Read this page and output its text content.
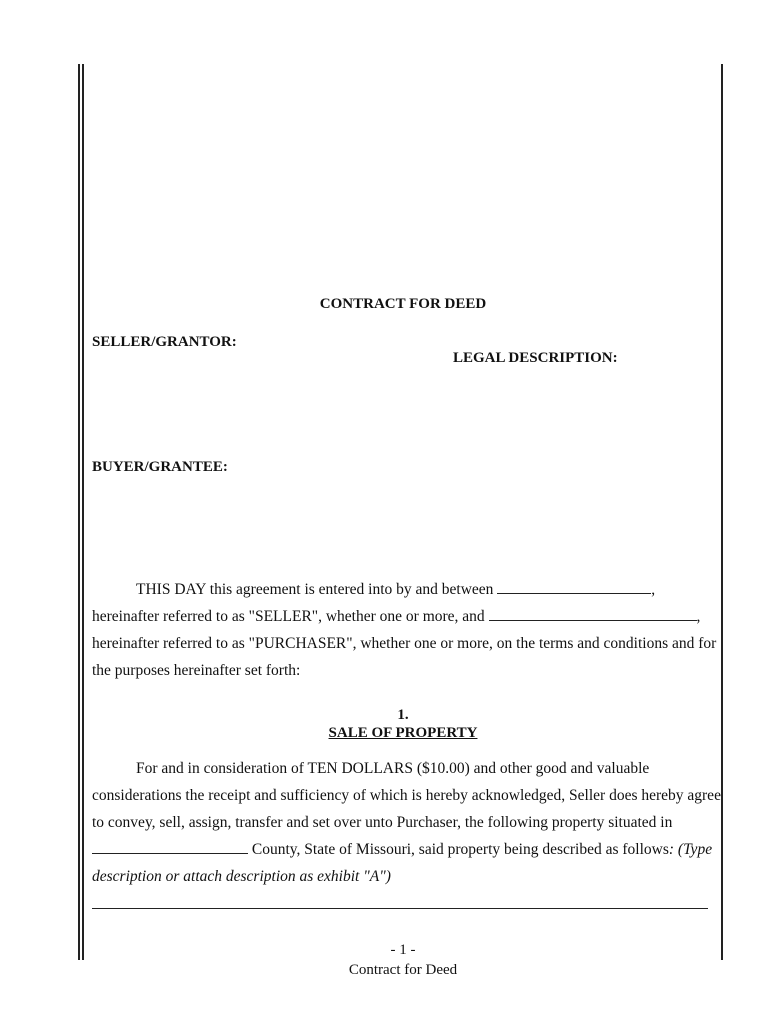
CONTRACT FOR DEED
SELLER/GRANTOR:
LEGAL DESCRIPTION:
BUYER/GRANTEE:
THIS DAY this agreement is entered into by and between	,
hereinafter referred to as "SELLER", whether one or more, and	,
hereinafter referred to as "PURCHASER", whether one or more, on the terms and conditions and for
the purposes hereinafter set forth:
1.
SALE OF PROPERTY
For and in consideration of TEN DOLLARS ($10.00) and other good and valuable
considerations the receipt and sufficiency of which is hereby acknowledged, Seller does hereby agree
to convey, sell, assign, transfer and set over unto Purchaser, the following property situated in
County, State of Missouri, said property being described as follows: (Type
description or attach description as exhibit "A")
- 1 -
Contract for Deed
